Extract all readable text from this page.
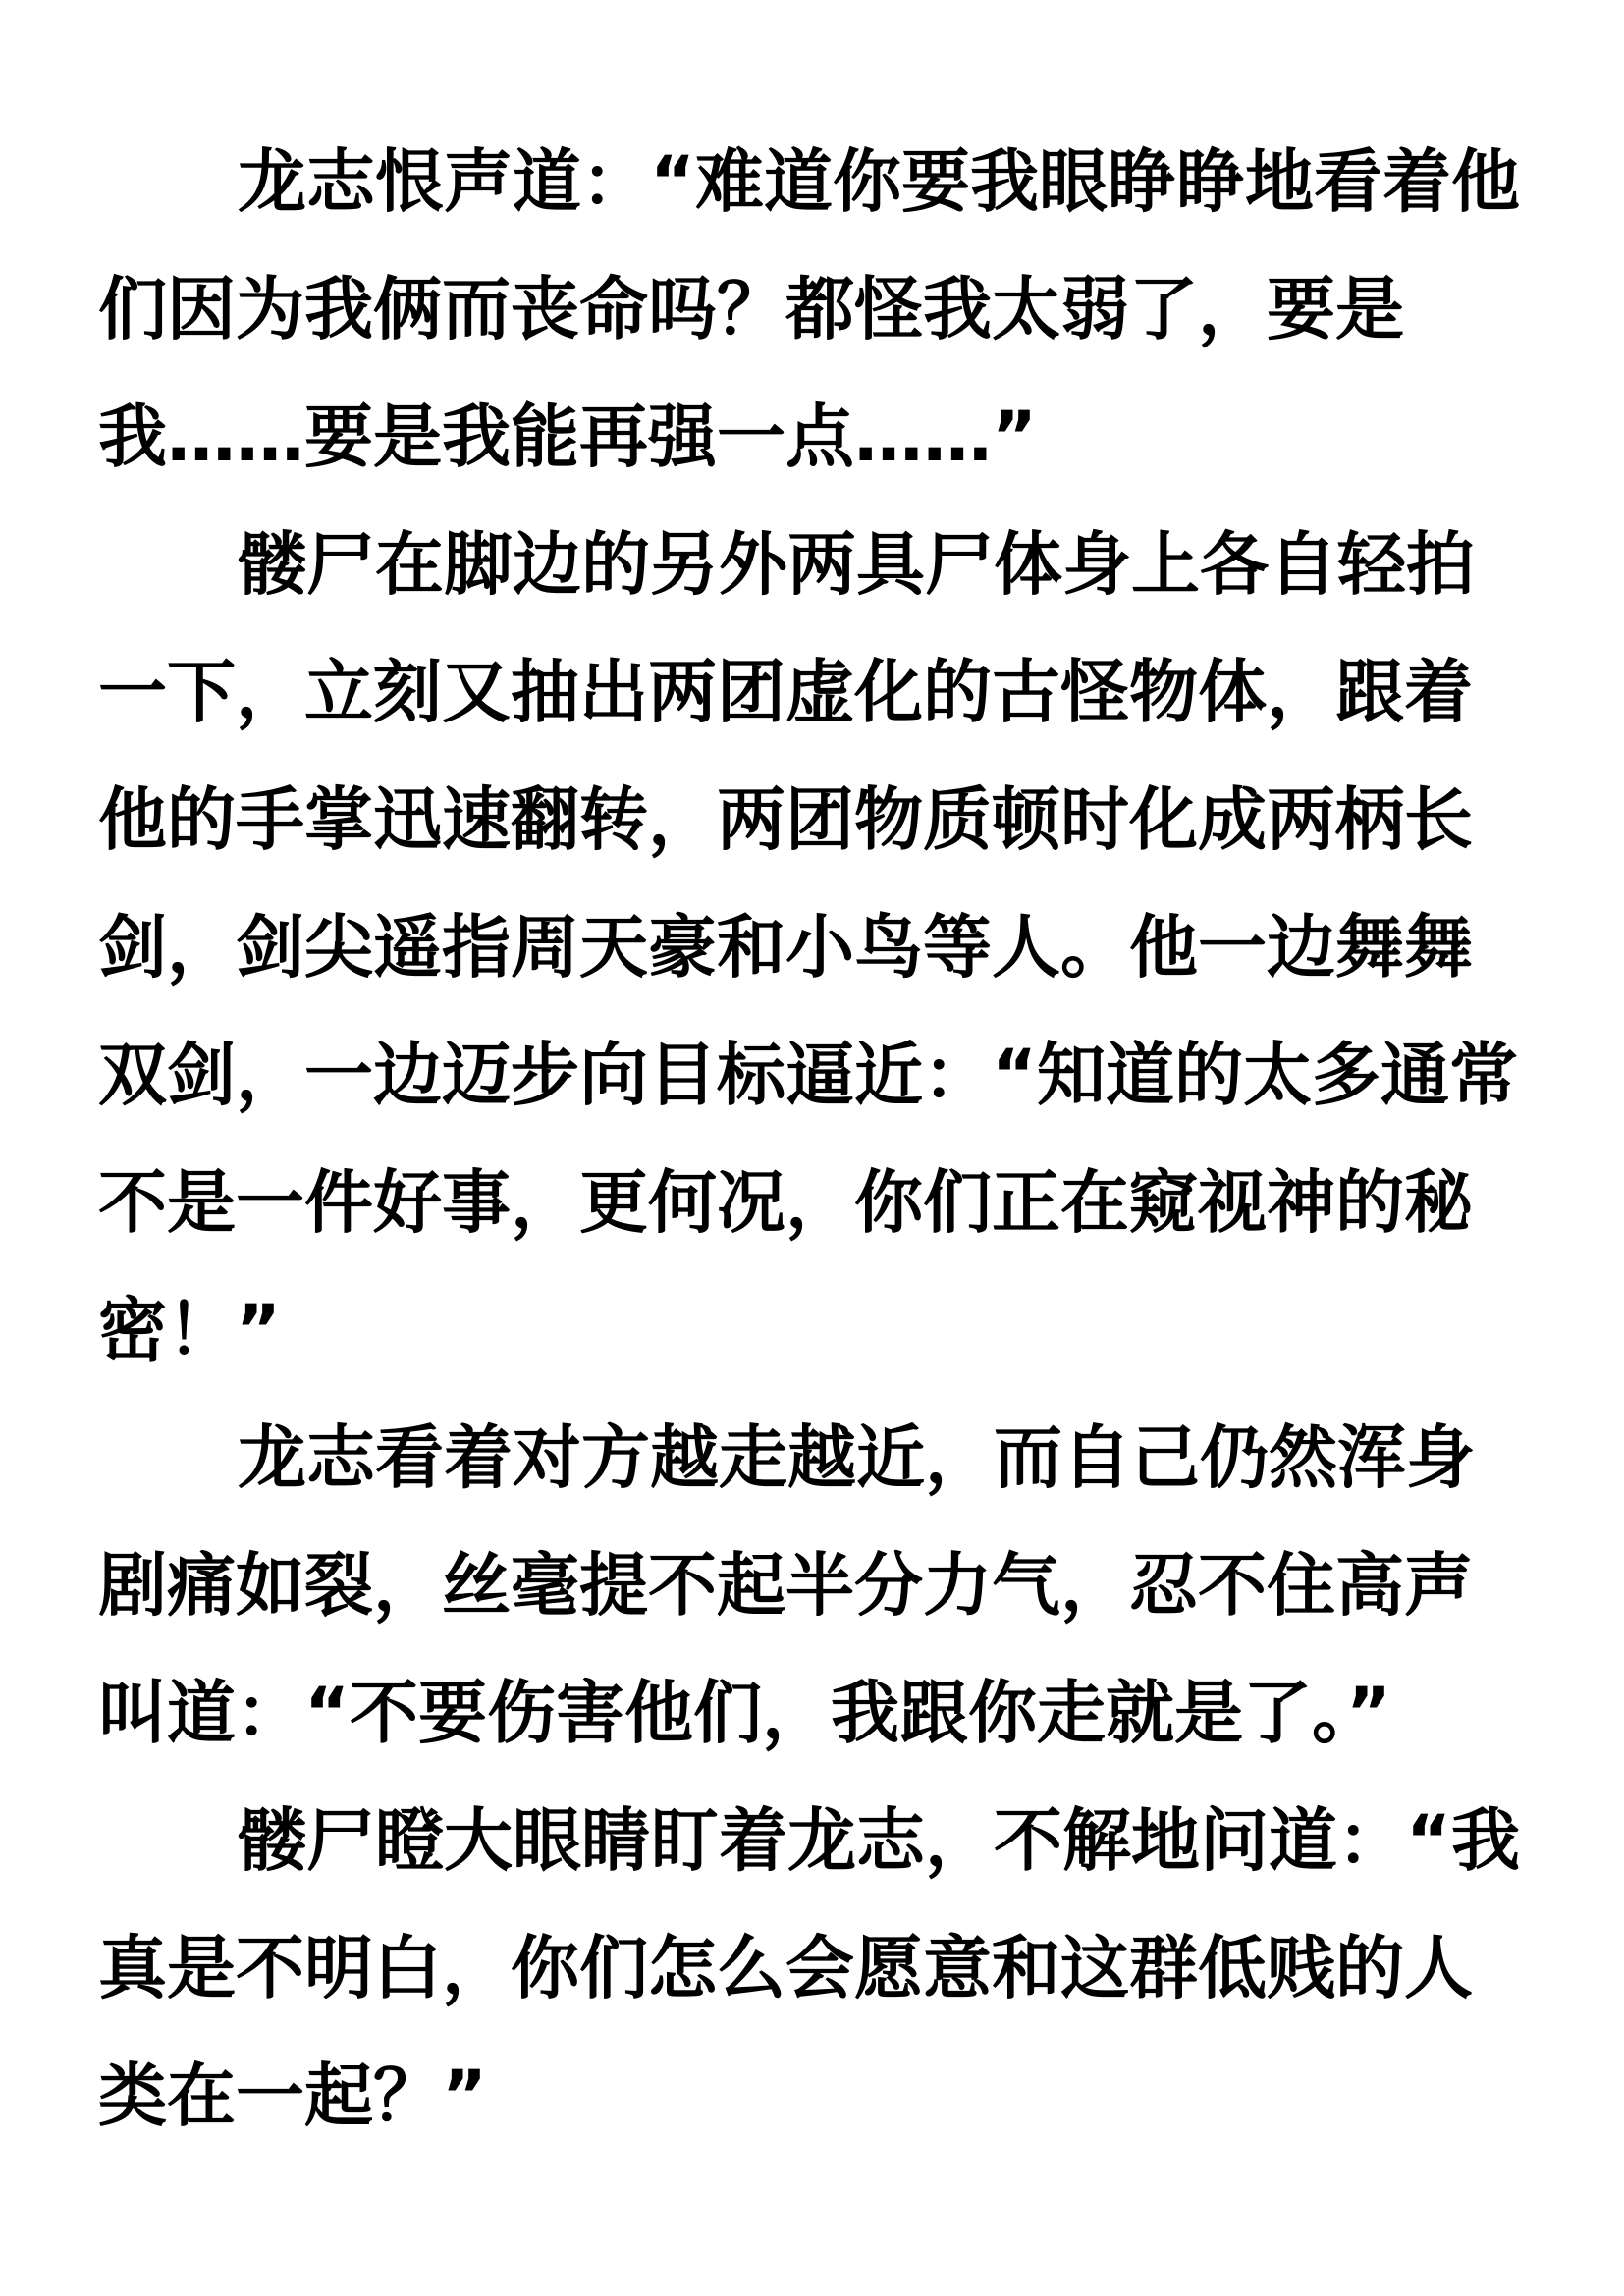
龙志恨声道：“难道你要我眼睁睁地看着他
们因为我俩而丧命吗？都怪我太弱了，要是
我……要是我能再强一点……”
髅尸在脚边的另外两具尸体身上各自轻拍
一下，立刻又抽出两团虚化的古怪物体，跟着
他的手掌迅速翻转，两团物质顿时化成两柄长
剑，剑尖遥指周天豪和小鸟等人。他一边舞舞
双剑，一边迈步向目标逼近：“知道的太多通常
不是一件好事，更何况，你们正在窥视神的秘
密！”
龙志看着对方越走越近，而自己仍然浑身
剧痛如裂，丝毫提不起半分力气，忍不住高声
叫道：“不要伤害他们，我跟你走就是了。”
髅尸瞪大眼睛盯着龙志，不解地问道：“我
真是不明白，你们怎么会愿意和这群低贱的人
类在一起？”
